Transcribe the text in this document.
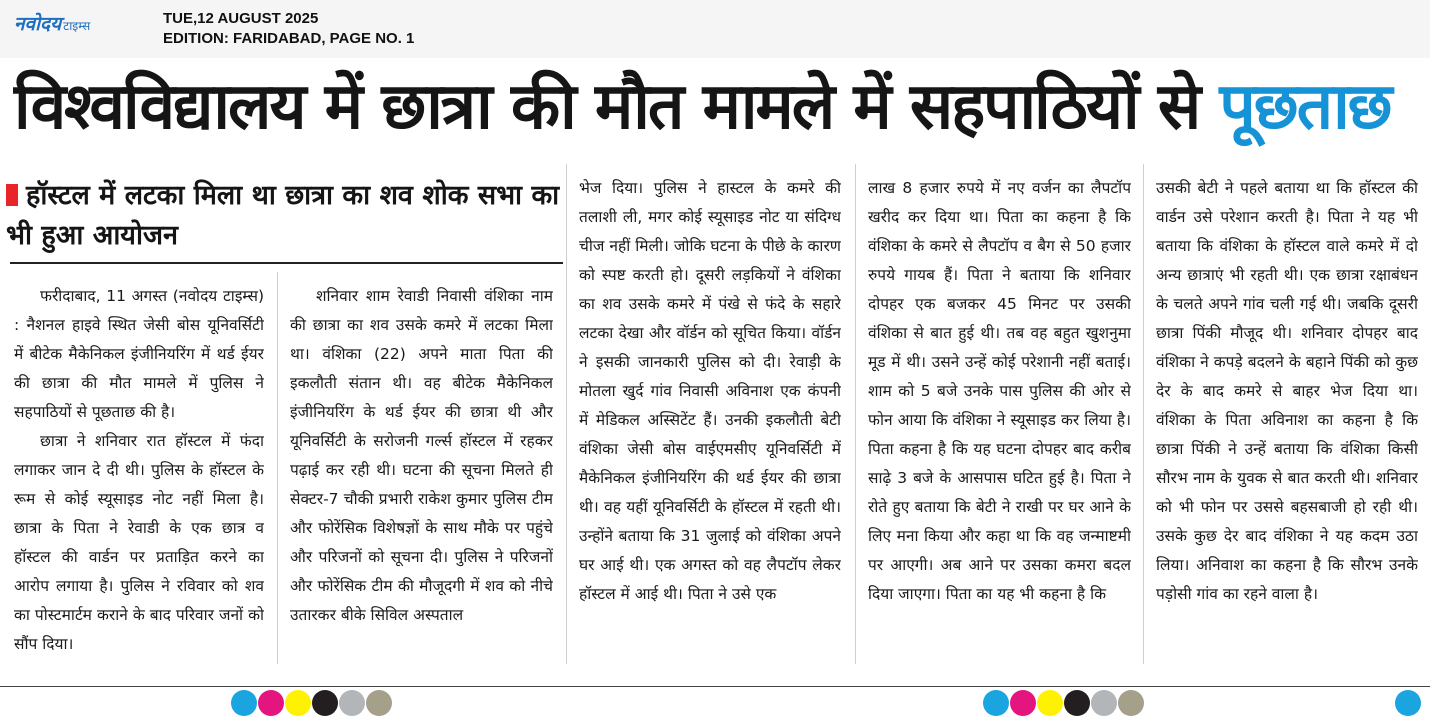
नवोदय टाइम्स	TUE,12 AUGUST 2025
EDITION: FARIDABAD, PAGE NO. 1
विश्वविद्यालय में छात्रा की मौत मामले में सहपाठियों से पूछताछ
हॉस्टल में लटका मिला था छात्रा का शव शोक सभा का भी हुआ आयोजन

फरीदाबाद, 11 अगस्त (नवोदय टाइम्स) : नैशनल हाइवे स्थित जेसी बोस यूनिवर्सिटी में बीटेक मैकेनिकल इंजीनियरिंग में थर्ड ईयर की छात्रा की मौत मामले में पुलिस ने सहपाठियों से पूछताछ की है।

छात्रा ने शनिवार रात हॉस्टल में फंदा लगाकर जान दे दी थी। पुलिस के हॉस्टल के रूम से कोई स्यूसाइड नोट नहीं मिला है। छात्रा के पिता ने रेवाडी के एक छात्र व हॉस्टल की वार्डन पर प्रताड़ित करने का आरोप लगाया है। पुलिस ने रविवार को शव का पोस्टमार्टम कराने के बाद परिवार जनों को सौंप दिया।

शनिवार शाम रेवाडी निवासी वंशिका नाम की छात्रा का शव उसके कमरे में लटका मिला था। वंशिका (22) अपने माता पिता की इकलौती संतान थी। वह बीटेक मैकेनिकल इंजीनियरिंग के थर्ड ईयर की छात्रा थी और यूनिवर्सिटी के सरोजनी गर्ल्स हॉस्टल में रहकर पढ़ाई कर रही थी। घटना की सूचना मिलते ही सेक्टर-7 चौकी प्रभारी राकेश कुमार पुलिस टीम और फोरेंसिक विशेषज्ञों के साथ मौके पर पहुंचे और परिजनों को सूचना दी। पुलिस ने परिजनों और फोरेंसिक टीम की मौजूदगी में शव को नीचे उतारकर बीके सिविल अस्पताल

भेज दिया। पुलिस ने हास्टल के कमरे की तलाशी ली, मगर कोई स्यूसाइड नोट या संदिग्ध चीज नहीं मिली। जोकि घटना के पीछे के कारण को स्पष्ट करती हो। दूसरी लड़कियों ने वंशिका का शव उसके कमरे में पंखे से फंदे के सहारे लटका देखा और वॉर्डन को सूचित किया। वॉर्डन ने इसकी जानकारी पुलिस को दी। रेवाड़ी के मोतला खुर्द गांव निवासी अविनाश एक कंपनी में मेडिकल अस्सिटेंट हैं। उनकी इकलौती बेटी वंशिका जेसी बोस वाईएमसीए यूनिवर्सिटी में मैकेनिकल इंजीनियरिंग की थर्ड ईयर की छात्रा थी। वह यहीं यूनिवर्सिटी के हॉस्टल में रहती थी। उन्होंने बताया कि 31 जुलाई को वंशिका अपने घर आई थी। एक अगस्त को वह लैपटॉप लेकर हॉस्टल में आई थी। पिता ने उसे एक

लाख 8 हजार रुपये में नए वर्जन का लैपटॉप खरीद कर दिया था। पिता का कहना है कि वंशिका के कमरे से लैपटॉप व बैग से 50 हजार रुपये गायब हैं। पिता ने बताया कि शनिवार दोपहर एक बजकर 45 मिनट पर उसकी वंशिका से बात हुई थी। तब वह बहुत खुशनुमा मूड में थी। उसने उन्हें कोई परेशानी नहीं बताई। शाम को 5 बजे उनके पास पुलिस की ओर से फोन आया कि वंशिका ने स्यूसाइड कर लिया है। पिता कहना है कि यह घटना दोपहर बाद करीब साढ़े 3 बजे के आसपास घटित हुई है। पिता ने रोते हुए बताया कि बेटी ने राखी पर घर आने के लिए मना किया और कहा था कि वह जन्माष्टमी पर आएगी। अब आने पर उसका कमरा बदल दिया जाएगा। पिता का यह भी कहना है कि

उसकी बेटी ने पहले बताया था कि हॉस्टल की वार्डन उसे परेशान करती है। पिता ने यह भी बताया कि वंशिका के हॉस्टल वाले कमरे में दो अन्य छात्राएं भी रहती थी। एक छात्रा रक्षाबंधन के चलते अपने गांव चली गई थी। जबकि दूसरी छात्रा पिंकी मौजूद थी। शनिवार दोपहर बाद वंशिका ने कपड़े बदलने के बहाने पिंकी को कुछ देर के बाद कमरे से बाहर भेज दिया था। वंशिका के पिता अविनाश का कहना है कि छात्रा पिंकी ने उन्हें बताया कि वंशिका किसी सौरभ नाम के युवक से बात करती थी। शनिवार को भी फोन पर उससे बहसबाजी हो रही थी। उसके कुछ देर बाद वंशिका ने यह कदम उठा लिया। अनिवाश का कहना है कि सौरभ उनके पड़ोसी गांव का रहने वाला है।
